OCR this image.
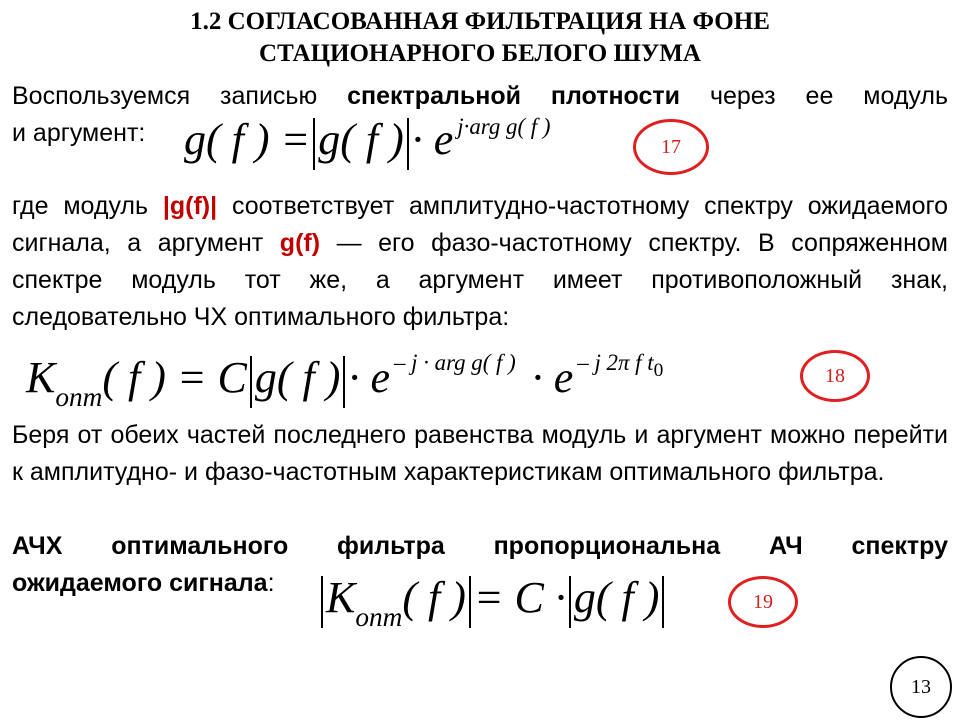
1.2 СОГЛАСОВАННАЯ ФИЛЬТРАЦИЯ НА ФОНЕ
СТАЦИОНАРНОГО БЕЛОГО ШУМА
Воспользуемся записью спектральной плотности через ее модуль
и аргумент: g( f ) = g( f ) · e $^{j\cdot arg g( f )}$
17
где модуль |g(f)| соответствует амплитудно-частотному спектру ожидаемого сигнала, а аргумент g(f) — его фазо-частотному спектру. В сопряженном спектре модуль тот же, а аргумент имеет противоположный знак, следовательно ЧХ оптимального фильтра:
$K_{опт}$( f ) = C g( f ) · e $^{- j \cdot arg g( f )}$ · e $^{- j 2\pi f t_0}$	18
Беря от обеих частей последнего равенства модуль и аргумент можно перейти к амплитудно- и фазо-частотным характеристикам оптимального фильтра.
АЧХ оптимального фильтра пропорциональна АЧ спектру
ожидаемого сигнала:	$K_{опт}$( f ) = C · g( f )	19
13
